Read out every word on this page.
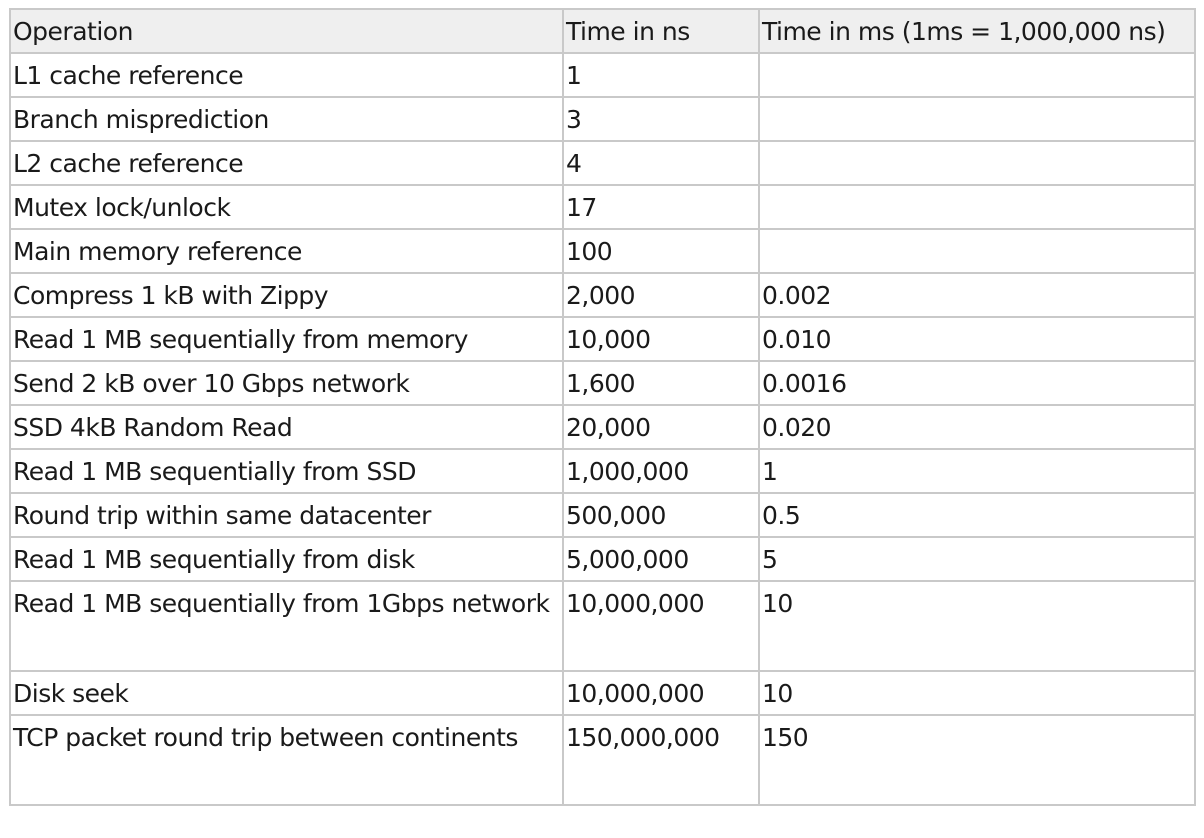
Operation	Time in ns	Time in ms (1ms = 1,000,000 ns)
L1 cache reference	1	
Branch misprediction	3	
L2 cache reference	4	
Mutex lock/unlock	17	
Main memory reference	100	
Compress 1 kB with Zippy	2,000	0.002
Read 1 MB sequentially from memory	10,000	0.010
Send 2 kB over 10 Gbps network	1,600	0.0016
SSD 4kB Random Read	20,000	0.020
Read 1 MB sequentially from SSD	1,000,000	1
Round trip within same datacenter	500,000	0.5
Read 1 MB sequentially from disk	5,000,000	5
Read 1 MB sequentially from 1Gbps network	10,000,000	10
Disk seek	10,000,000	10
TCP packet round trip between continents	150,000,000	150
